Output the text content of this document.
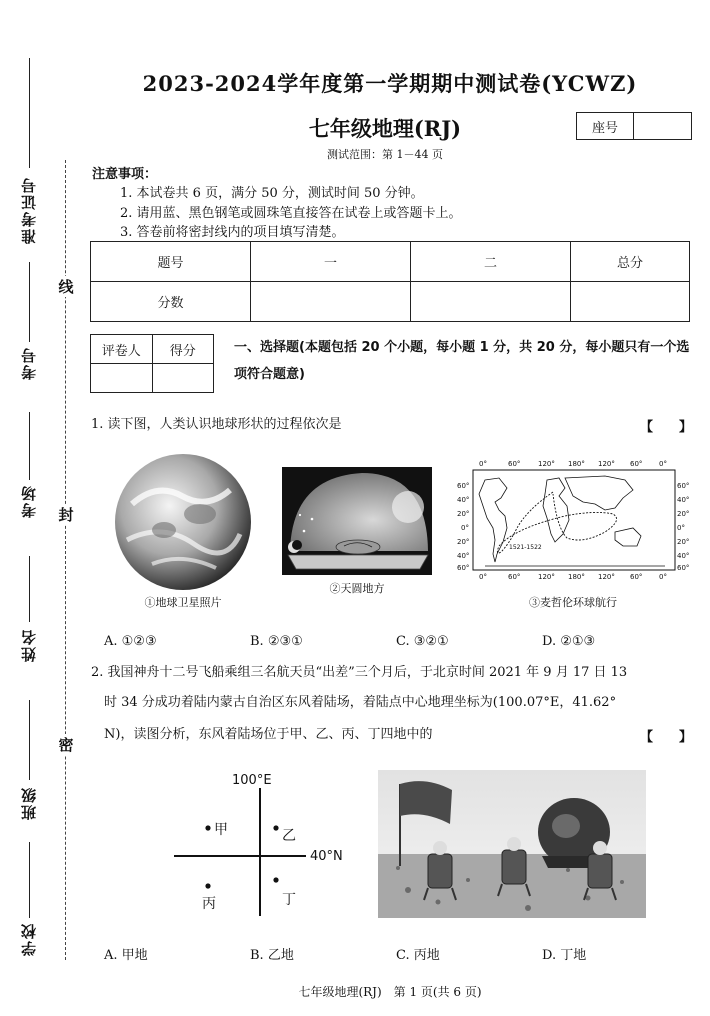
准考证号
考号
考场
姓名
班级
学校
线
封
密
2023-2024学年度第一学期期中测试卷(YCWZ)
七年级地理(RJ)	座号
测试范围：第 1－44 页
注意事项：
1. 本试卷共 6 页，满分 50 分，测试时间 50 分钟。
2. 请用蓝、黑色钢笔或圆珠笔直接答在试卷上或答题卡上。
3. 答卷前将密封线内的项目填写清楚。
题号	一	二	总分
分数			
评卷人	得分
		一、选择题(本题包括 20 个小题，每小题 1 分，共 20 分，每小题只有一个选项符合题意)
1. 读下图，人类认识地球形状的过程依次是	【　　】
①地球卫星照片
②天圆地方
0°	60°	120° 180° 120° 60° 0°
0°	60°	120° 180° 120° 60° 0°
60°
40°
20°
0°
20°
40°
60°
60°
40°
20°
0°
20°
40°
60°
1521-1522
③麦哲伦环球航行
A. ①②③	B. ②③①	C. ③②①	D. ②①③
2. 我国神舟十二号飞船乘组三名航天员“出差”三个月后，于北京时间 2021 年 9 月 17 日 13
时 34 分成功着陆内蒙古自治区东风着陆场，着陆点中心地理坐标为(100.07°E，41.62°
N)，读图分析，东风着陆场位于甲、乙、丙、丁四地中的	【　　】
100°E
40°N
甲	乙
丙	丁
A. 甲地	B. 乙地	C. 丙地	D. 丁地
七年级地理(RJ)　第 1 页(共 6 页)
